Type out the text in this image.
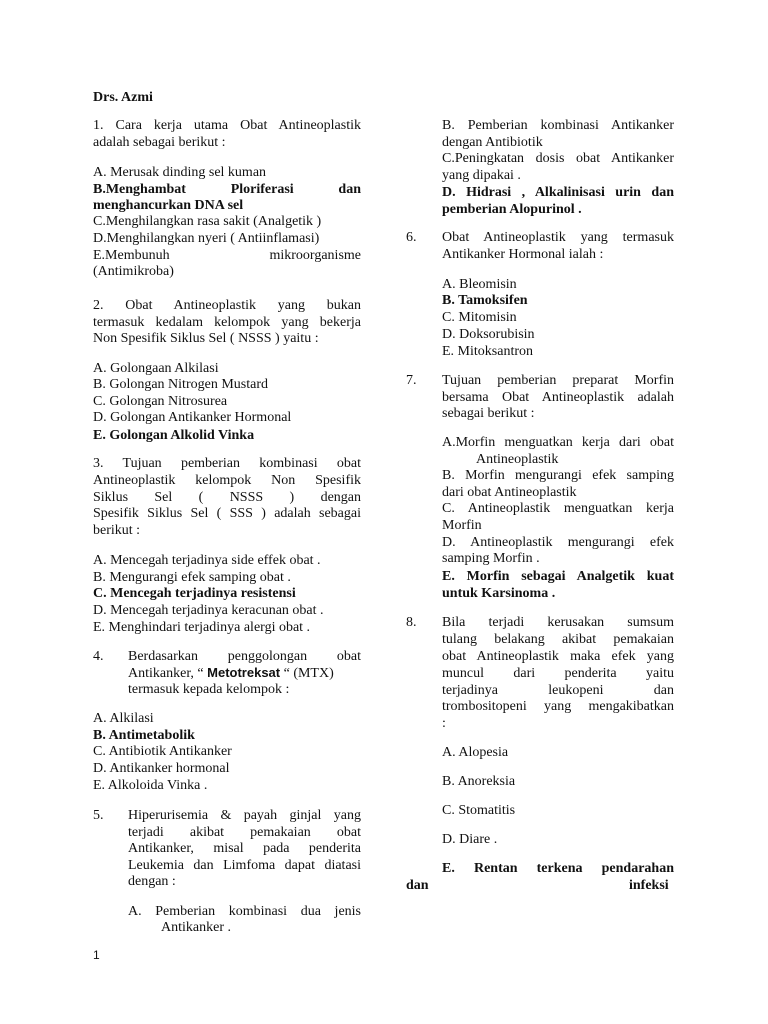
Drs. Azmi

1. Cara kerja utama Obat Antineoplastik

adalah sebagai berikut :

A. Merusak dinding sel kuman

B.Menghambat Ploriferasi dan

menghancurkan DNA sel

C.Menghilangkan rasa sakit (Analgetik )

D.Menghilangkan nyeri ( Antiinflamasi)

E.Membunuh mikroorganisme

(Antimikroba)

2. Obat Antineoplastik yang bukan

termasuk kedalam kelompok yang bekerja

Non Spesifik Siklus Sel ( NSSS ) yaitu :

A. Golongaan Alkilasi

B. Golongan Nitrogen Mustard

C. Golongan Nitrosurea

D. Golongan Antikanker Hormonal

E. Golongan Alkolid Vinka

3. Tujuan pemberian kombinasi obat

Antineoplastik kelompok Non Spesifik

Siklus Sel ( NSSS ) dengan

Spesifik Siklus Sel ( SSS ) adalah sebagai

berikut :

A. Mencegah terjadinya side effek obat .

B. Mengurangi efek samping obat .

C. Mencegah terjadinya resistensi

D. Mencegah terjadinya keracunan obat .

E. Menghindari terjadinya alergi obat .

4. Berdasarkan penggolongan obat

Antikanker, “ Metotreksat “ (MTX)

termasuk kepada kelompok :

A. Alkilasi

B. Antimetabolik

C. Antibiotik Antikanker

D. Antikanker hormonal

E. Alkoloida Vinka .

5. Hiperurisemia & payah ginjal yang

terjadi akibat pemakaian obat

Antikanker, misal pada penderita

Leukemia dan Limfoma dapat diatasi

dengan :

A. Pemberian kombinasi dua jenis

Antikanker .

B. Pemberian kombinasi Antikanker

dengan Antibiotik

C.Peningkatan dosis obat Antikanker

yang dipakai .

D. Hidrasi , Alkalinisasi urin dan

pemberian Alopurinol .

6. Obat Antineoplastik yang termasuk

Antikanker Hormonal ialah :

A. Bleomisin

B. Tamoksifen

C. Mitomisin

D. Doksorubisin

E. Mitoksantron

7. Tujuan pemberian preparat Morfin

bersama Obat Antineoplastik adalah

sebagai berikut :

A.Morfin menguatkan kerja dari obat

Antineoplastik

B. Morfin mengurangi efek samping

dari obat Antineoplastik

C. Antineoplastik menguatkan kerja

Morfin

D. Antineoplastik mengurangi efek

samping Morfin .

E. Morfin sebagai Analgetik kuat

untuk Karsinoma .

8. Bila terjadi kerusakan sumsum

tulang belakang akibat pemakaian

obat Antineoplastik maka efek yang

muncul dari penderita yaitu

terjadinya leukopeni dan

trombositopeni yang mengakibatkan

:

A. Alopesia

B. Anoreksia

C. Stomatitis

D. Diare .

E. Rentan terkena pendarahan

dan	infeksi

1
